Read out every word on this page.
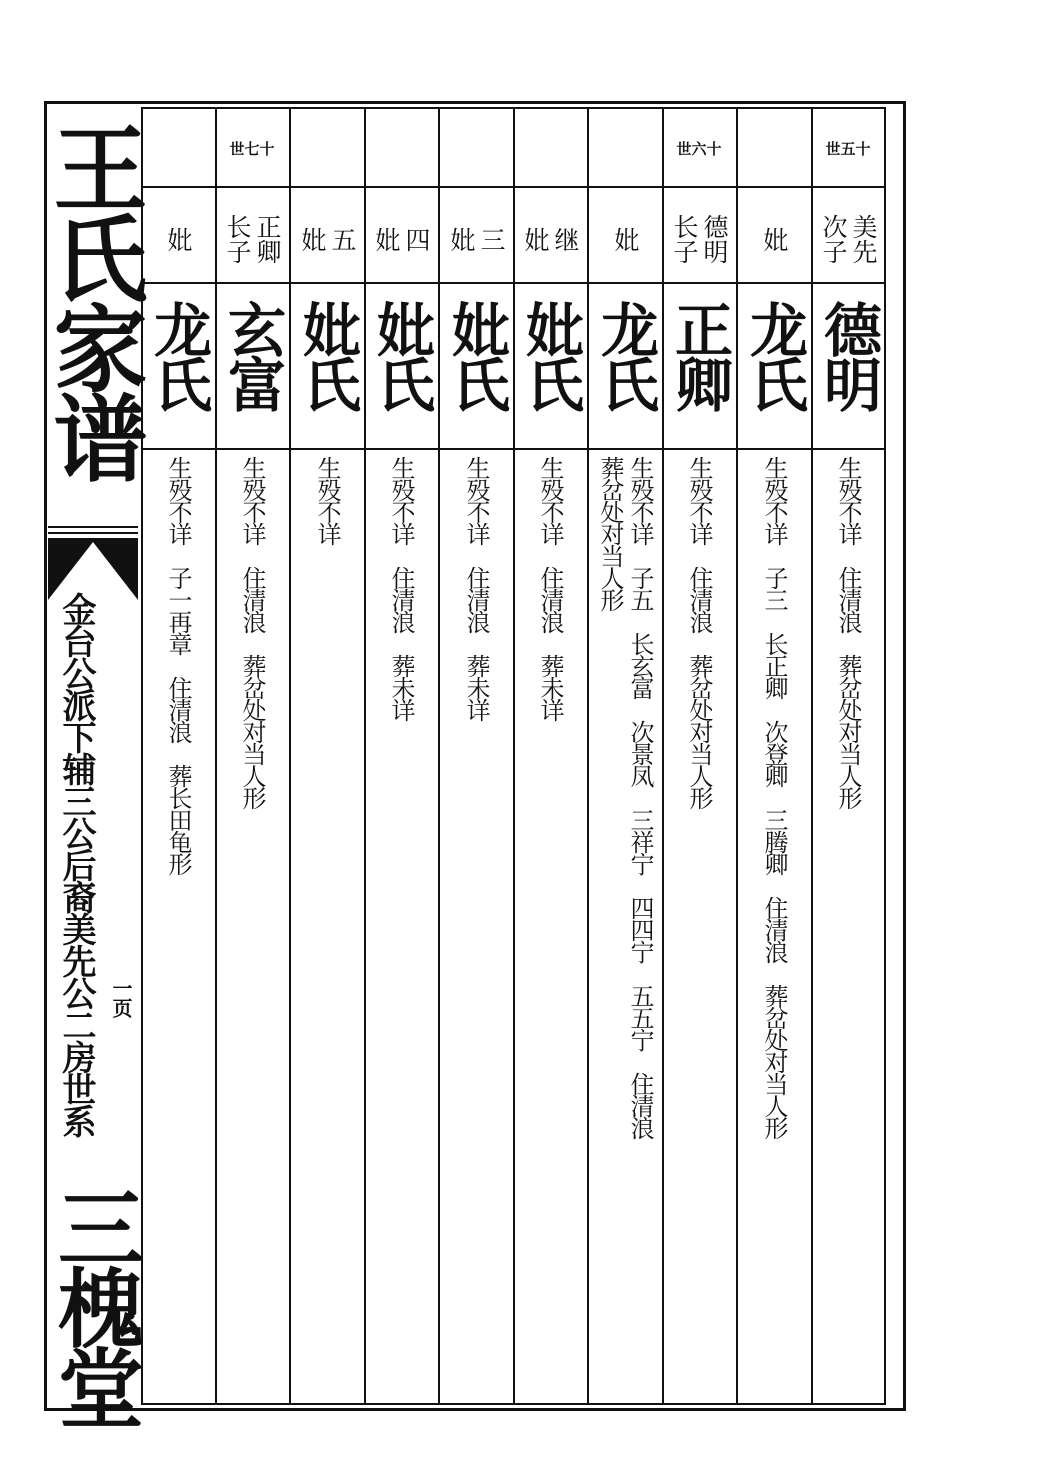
王氏家谱
金台公派下辅三公后裔美先公二房世系 一页
三槐堂
世五十
美先
次子
德明
生殁不详　住清浪　葬岔处对当人形
妣
龙氏
生殁不详　子三　长正卿　次登卿　三腾卿　住清浪　葬岔处对当人形
世六十
德明
长子
正卿
生殁不详　住清浪　葬岔处对当人形
妣
龙氏
生殁不详　子五　长玄富　次景凤　三祥宁　四四宁　五五宁　住清浪
葬岔处对当人形
继
妣
妣氏
生殁不详　住清浪　葬未详
三
妣
妣氏
生殁不详　住清浪　葬未详
四
妣
妣氏
生殁不详　住清浪　葬未详
五
妣
妣氏
生殁不详
世七十
正卿
长子
玄富
生殁不详　住清浪　葬岔处对当人形
妣
龙氏
生殁不详　子一再章　住清浪　葬长田龟形
